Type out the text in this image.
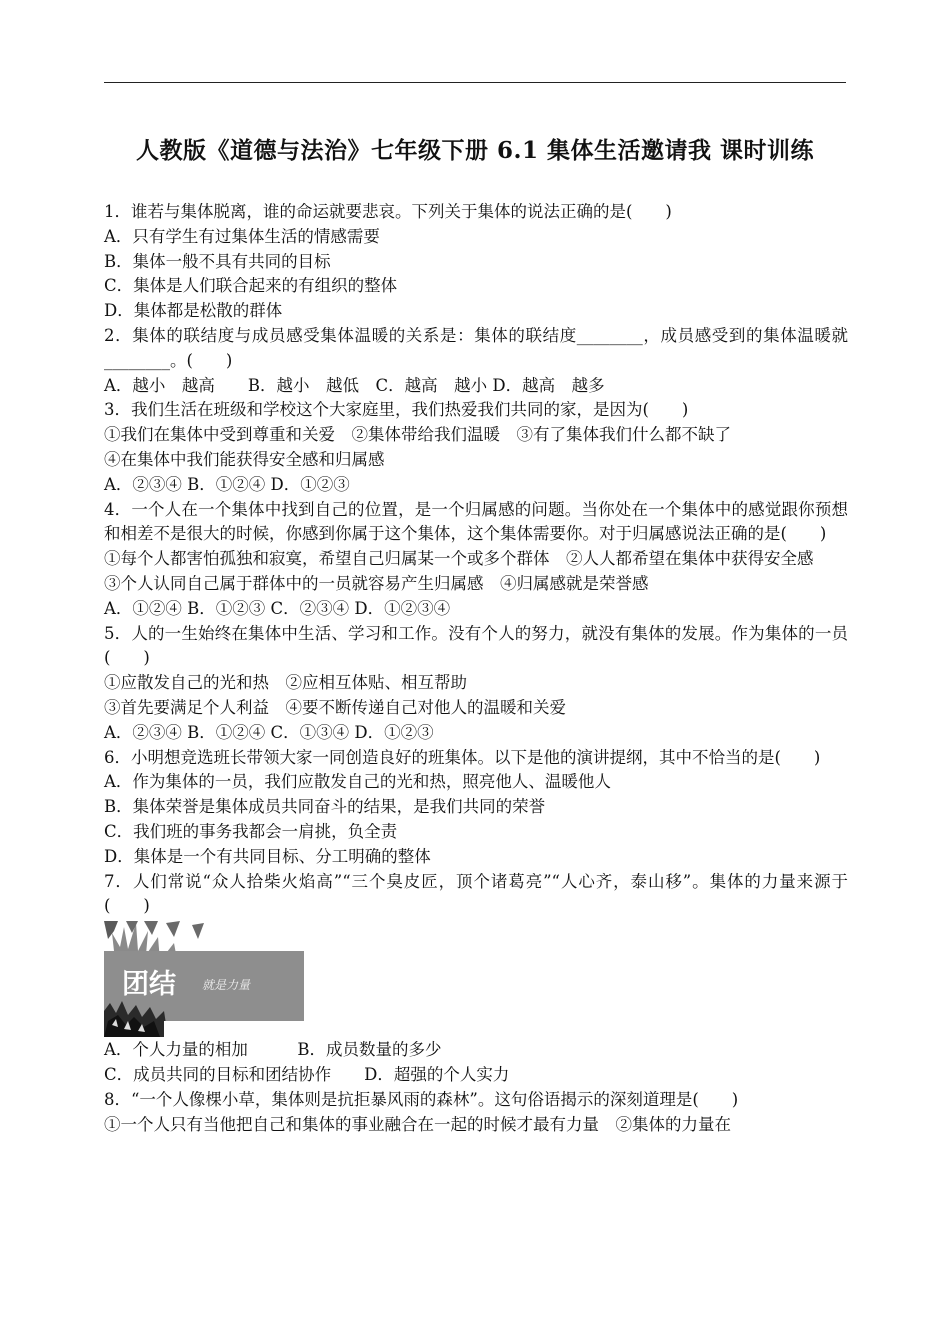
人教版《道德与法治》七年级下册 6.1 集体生活邀请我 课时训练
1．谁若与集体脱离，谁的命运就要悲哀。下列关于集体的说法正确的是(　　)
A．只有学生有过集体生活的情感需要
B．集体一般不具有共同的目标
C．集体是人们联合起来的有组织的整体
D．集体都是松散的群体
2．集体的联结度与成员感受集体温暖的关系是：集体的联结度________，成员感受到的集体温暖就________。(　　)
A．越小　越高　　B．越小　越低　C．越高　越小 D．越高　越多
3．我们生活在班级和学校这个大家庭里，我们热爱我们共同的家，是因为(　　)
①我们在集体中受到尊重和关爱　②集体带给我们温暖　③有了集体我们什么都不缺了
④在集体中我们能获得安全感和归属感
A．②③④ B．①②④ D．①②③
4．一个人在一个集体中找到自己的位置，是一个归属感的问题。当你处在一个集体中的感觉跟你预想和相差不是很大的时候，你感到你属于这个集体，这个集体需要你。对于归属感说法正确的是(　　)
①每个人都害怕孤独和寂寞，希望自己归属某一个或多个群体　②人人都希望在集体中获得安全感
③个人认同自己属于群体中的一员就容易产生归属感　④归属感就是荣誉感
A．①②④ B．①②③ C．②③④ D．①②③④
5．人的一生始终在集体中生活、学习和工作。没有个人的努力，就没有集体的发展。作为集体的一员(　　)
①应散发自己的光和热　②应相互体贴、相互帮助
③首先要满足个人利益　④要不断传递自己对他人的温暖和关爱
A．②③④ B．①②④ C．①③④ D．①②③
6．小明想竞选班长带领大家一同创造良好的班集体。以下是他的演讲提纲，其中不恰当的是(　　)
A．作为集体的一员，我们应散发自己的光和热，照亮他人、温暖他人
B．集体荣誉是集体成员共同奋斗的结果，是我们共同的荣誉
C．我们班的事务我都会一肩挑，负全责
D．集体是一个有共同目标、分工明确的整体
7．人们常说“众人拾柴火焰高”“三个臭皮匠，顶个诸葛亮”“人心齐，泰山移”。集体的力量来源于(　　)
团结 就是力量
A．个人力量的相加　　　B．成员数量的多少
C．成员共同的目标和团结协作　　D．超强的个人实力
8．“一个人像棵小草，集体则是抗拒暴风雨的森林”。这句俗语揭示的深刻道理是(　　)
①一个人只有当他把自己和集体的事业融合在一起的时候才最有力量　②集体的力量在
